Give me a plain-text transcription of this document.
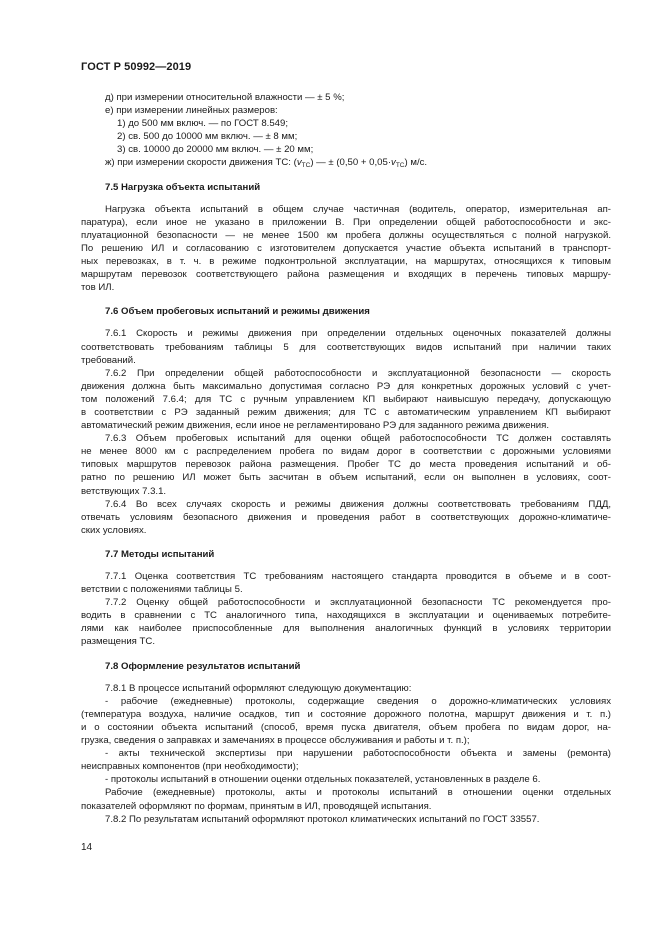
ГОСТ Р 50992—2019
д) при измерении относительной влажности — ± 5 %;
е) при измерении линейных размеров:
1) до 500 мм включ. — по ГОСТ 8.549;
2) св. 500 до 10000 мм включ. — ± 8 мм;
3) св. 10000 до 20000 мм включ. — ± 20 мм;
ж) при измерении скорости движения ТС: $(v_{ТС})$ — ± $(0,50 + 0,05\cdot v_{ТС})$ м/с.
7.5 Нагрузка объекта испытаний
Нагрузка объекта испытаний в общем случае частичная (водитель, оператор, измерительная ап-
паратура), если иное не указано в приложении В. При определении общей работоспособности и экс-
плуатационной безопасности — не менее 1500 км пробега должны осуществляться с полной нагрузкой.
По решению ИЛ и согласованию с изготовителем допускается участие объекта испытаний в транспорт-
ных перевозках, в т. ч. в режиме подконтрольной эксплуатации, на маршрутах, относящихся к типовым
маршрутам перевозок соответствующего района размещения и входящих в перечень типовых маршру-
тов ИЛ.
7.6 Объем пробеговых испытаний и режимы движения
7.6.1 Скорость и режимы движения при определении отдельных оценочных показателей должны
соответствовать требованиям таблицы 5 для соответствующих видов испытаний при наличии таких
требований.
7.6.2 При определении общей работоспособности и эксплуатационной безопасности — скорость
движения должна быть максимально допустимая согласно РЭ для конкретных дорожных условий с учет-
том положений 7.6.4; для ТС с ручным управлением КП выбирают наивысшую передачу, допускающую
в соответствии с РЭ заданный режим движения; для ТС с автоматическим управлением КП выбирают
автоматический режим движения, если иное не регламентировано РЭ для заданного режима движения.
7.6.3 Объем пробеговых испытаний для оценки общей работоспособности ТС должен составлять
не менее 8000 км с распределением пробега по видам дорог в соответствии с дорожными условиями
типовых маршрутов перевозок района размещения. Пробег ТС до места проведения испытаний и об-
ратно по решению ИЛ может быть засчитан в объем испытаний, если он выполнен в условиях, соот-
ветствующих 7.3.1.
7.6.4 Во всех случаях скорость и режимы движения должны соответствовать требованиям ПДД,
отвечать условиям безопасного движения и проведения работ в соответствующих дорожно-климатиче-
ских условиях.
7.7 Методы испытаний
7.7.1 Оценка соответствия ТС требованиям настоящего стандарта проводится в объеме и в соот-
ветствии с положениями таблицы 5.
7.7.2 Оценку общей работоспособности и эксплуатационной безопасности ТС рекомендуется про-
водить в сравнении с ТС аналогичного типа, находящихся в эксплуатации и оцениваемых потребите-
лями как наиболее приспособленные для выполнения аналогичных функций в условиях территории
размещения ТС.
7.8 Оформление результатов испытаний
7.8.1 В процессе испытаний оформляют следующую документацию:
- рабочие (ежедневные) протоколы, содержащие сведения о дорожно-климатических условиях
(температура воздуха, наличие осадков, тип и состояние дорожного полотна, маршрут движения и т. п.)
и о состоянии объекта испытаний (способ, время пуска двигателя, объем пробега по видам дорог, на-
грузка, сведения о заправках и замечаниях в процессе обслуживания и работы и т. п.);
- акты технической экспертизы при нарушении работоспособности объекта и замены (ремонта)
неисправных компонентов (при необходимости);
- протоколы испытаний в отношении оценки отдельных показателей, установленных в разделе 6.
Рабочие (ежедневные) протоколы, акты и протоколы испытаний в отношении оценки отдельных
показателей оформляют по формам, принятым в ИЛ, проводящей испытания.
7.8.2 По результатам испытаний оформляют протокол климатических испытаний по ГОСТ 33557.
14
